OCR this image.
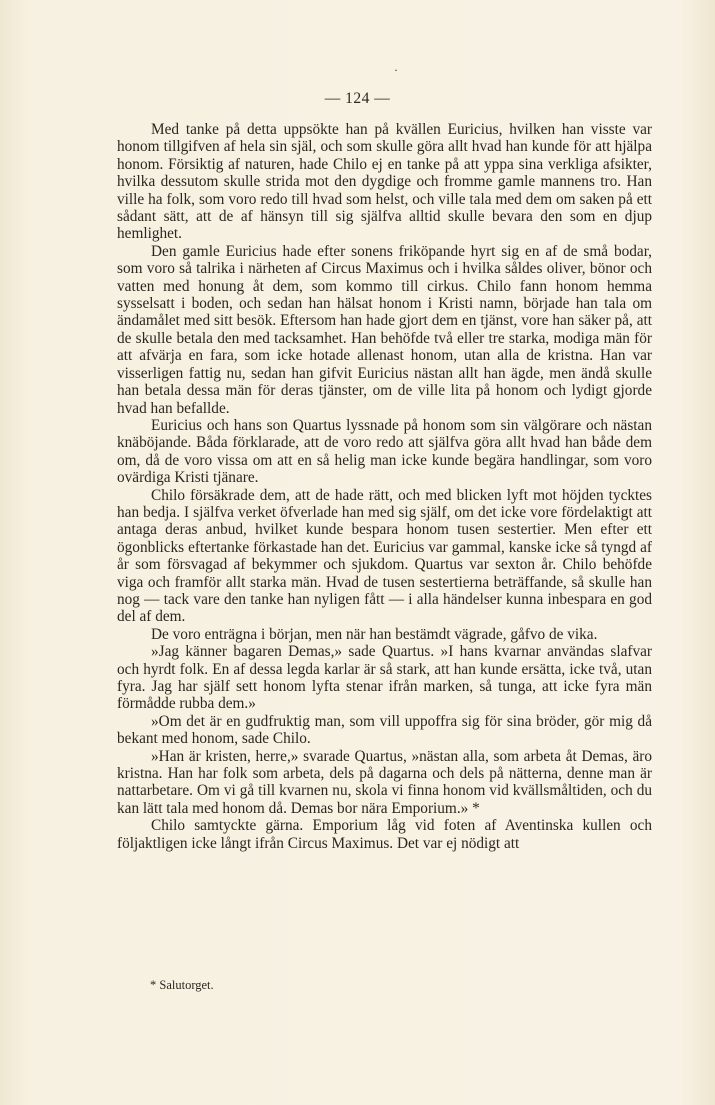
·
— 124 —

Med tanke på detta uppsökte han på kvällen Euricius, hvilken han visste var honom tillgifven af hela sin själ, och som skulle göra allt hvad han kunde för att hjälpa honom. Försiktig af naturen, hade Chilo ej en tanke på att yppa sina verkliga afsikter, hvilka dessutom skulle strida mot den dygdige och fromme gamle mannens tro. Han ville ha folk, som voro redo till hvad som helst, och ville tala med dem om saken på ett sådant sätt, att de af hänsyn till sig själfva alltid skulle bevara den som en djup hemlighet.

Den gamle Euricius hade efter sonens friköpande hyrt sig en af de små bodar, som voro så talrika i närheten af Circus Maximus och i hvilka såldes oliver, bönor och vatten med honung åt dem, som kommo till cirkus. Chilo fann honom hemma sysselsatt i boden, och sedan han hälsat honom i Kristi namn, började han tala om ändamålet med sitt besök. Eftersom han hade gjort dem en tjänst, vore han säker på, att de skulle betala den med tacksamhet. Han behöfde två eller tre starka, modiga män för att afvärja en fara, som icke hotade allenast honom, utan alla de kristna. Han var visserligen fattig nu, sedan han gifvit Euricius nästan allt han ägde, men ändå skulle han betala dessa män för deras tjänster, om de ville lita på honom och lydigt gjorde hvad han befallde.

Euricius och hans son Quartus lyssnade på honom som sin välgörare och nästan knäböjande. Båda förklarade, att de voro redo att själfva göra allt hvad han både dem om, då de voro vissa om att en så helig man icke kunde begära handlingar, som voro ovärdiga Kristi tjänare.

Chilo försäkrade dem, att de hade rätt, och med blicken lyft mot höjden tycktes han bedja. I själfva verket öfverlade han med sig själf, om det icke vore fördelaktigt att antaga deras anbud, hvilket kunde bespara honom tusen sestertier. Men efter ett ögonblicks eftertanke förkastade han det. Euricius var gammal, kanske icke så tyngd af år som försvagad af bekymmer och sjukdom. Quartus var sexton år. Chilo behöfde viga och framför allt starka män. Hvad de tusen sestertierna beträffande, så skulle han nog — tack vare den tanke han nyligen fått — i alla händelser kunna inbespara en god del af dem.

De voro enträgna i början, men när han bestämdt vägrade, gåfvo de vika.

»Jag känner bagaren Demas,» sade Quartus. »I hans kvarnar användas slafvar och hyrdt folk. En af dessa legda karlar är så stark, att han kunde ersätta, icke två, utan fyra. Jag har själf sett honom lyfta stenar ifrån marken, så tunga, att icke fyra män förmådde rubba dem.»

»Om det är en gudfruktig man, som vill uppoffra sig för sina bröder, gör mig då bekant med honom, sade Chilo.

»Han är kristen, herre,» svarade Quartus, »nästan alla, som arbeta åt Demas, äro kristna. Han har folk som arbeta, dels på dagarna och dels på nätterna, denne man är nattarbetare. Om vi gå till kvarnen nu, skola vi finna honom vid kvällsmåltiden, och du kan lätt tala med honom då. Demas bor nära Emporium.» *

Chilo samtyckte gärna. Emporium låg vid foten af Aventinska kullen och följaktligen icke långt ifrån Circus Maximus. Det var ej nödigt att

* Salutorget.
